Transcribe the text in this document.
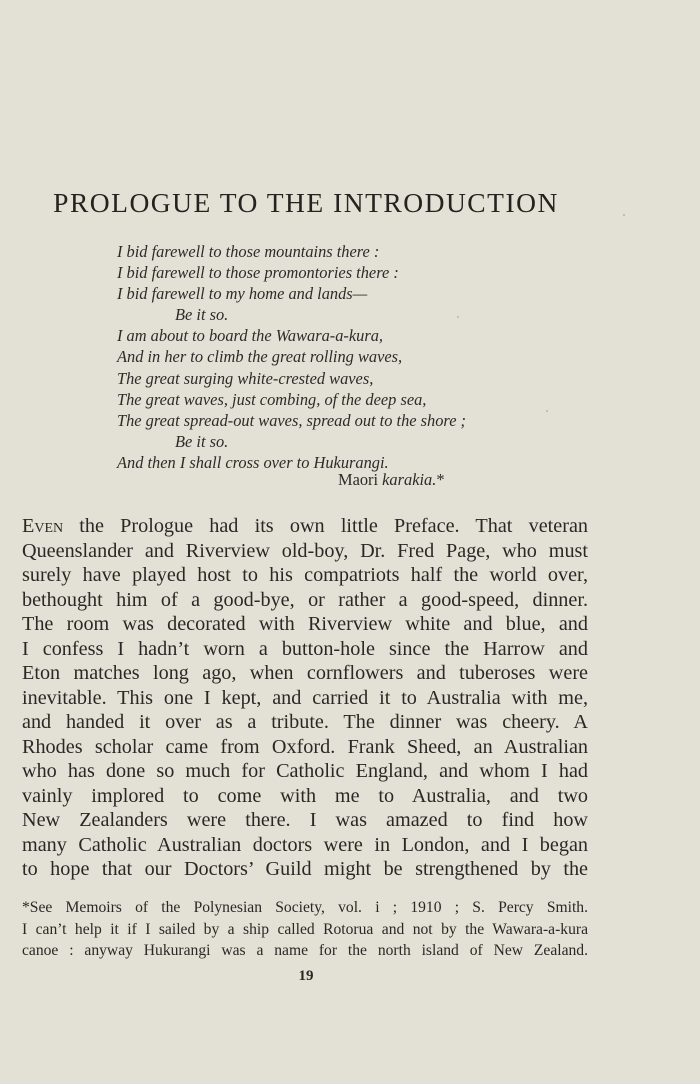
PROLOGUE TO THE INTRODUCTION
I bid farewell to those mountains there :
I bid farewell to those promontories there :
I bid farewell to my home and lands—
Be it so.
I am about to board the Wawara-a-kura,
And in her to climb the great rolling waves,
The great surging white-crested waves,
The great waves, just combing, of the deep sea,
The great spread-out waves, spread out to the shore ;
Be it so.
And then I shall cross over to Hukurangi.
Maori karakia.*
Even the Prologue had its own little Preface. That veteran
Queenslander and Riverview old-boy, Dr. Fred Page, who must
surely have played host to his compatriots half the world over,
bethought him of a good-bye, or rather a good-speed, dinner.
The room was decorated with Riverview white and blue, and
I confess I hadn’t worn a button-hole since the Harrow and
Eton matches long ago, when cornflowers and tuberoses were
inevitable. This one I kept, and carried it to Australia with me,
and handed it over as a tribute. The dinner was cheery. A
Rhodes scholar came from Oxford. Frank Sheed, an Australian
who has done so much for Catholic England, and whom I had
vainly implored to come with me to Australia, and two
New Zealanders were there. I was amazed to find how
many Catholic Australian doctors were in London, and I began
to hope that our Doctors’ Guild might be strengthened by the
*See Memoirs of the Polynesian Society, vol. i ; 1910 ; S. Percy Smith.
I can’t help it if I sailed by a ship called Rotorua and not by the Wawara-a-kura
canoe : anyway Hukurangi was a name for the north island of New Zealand.
19
